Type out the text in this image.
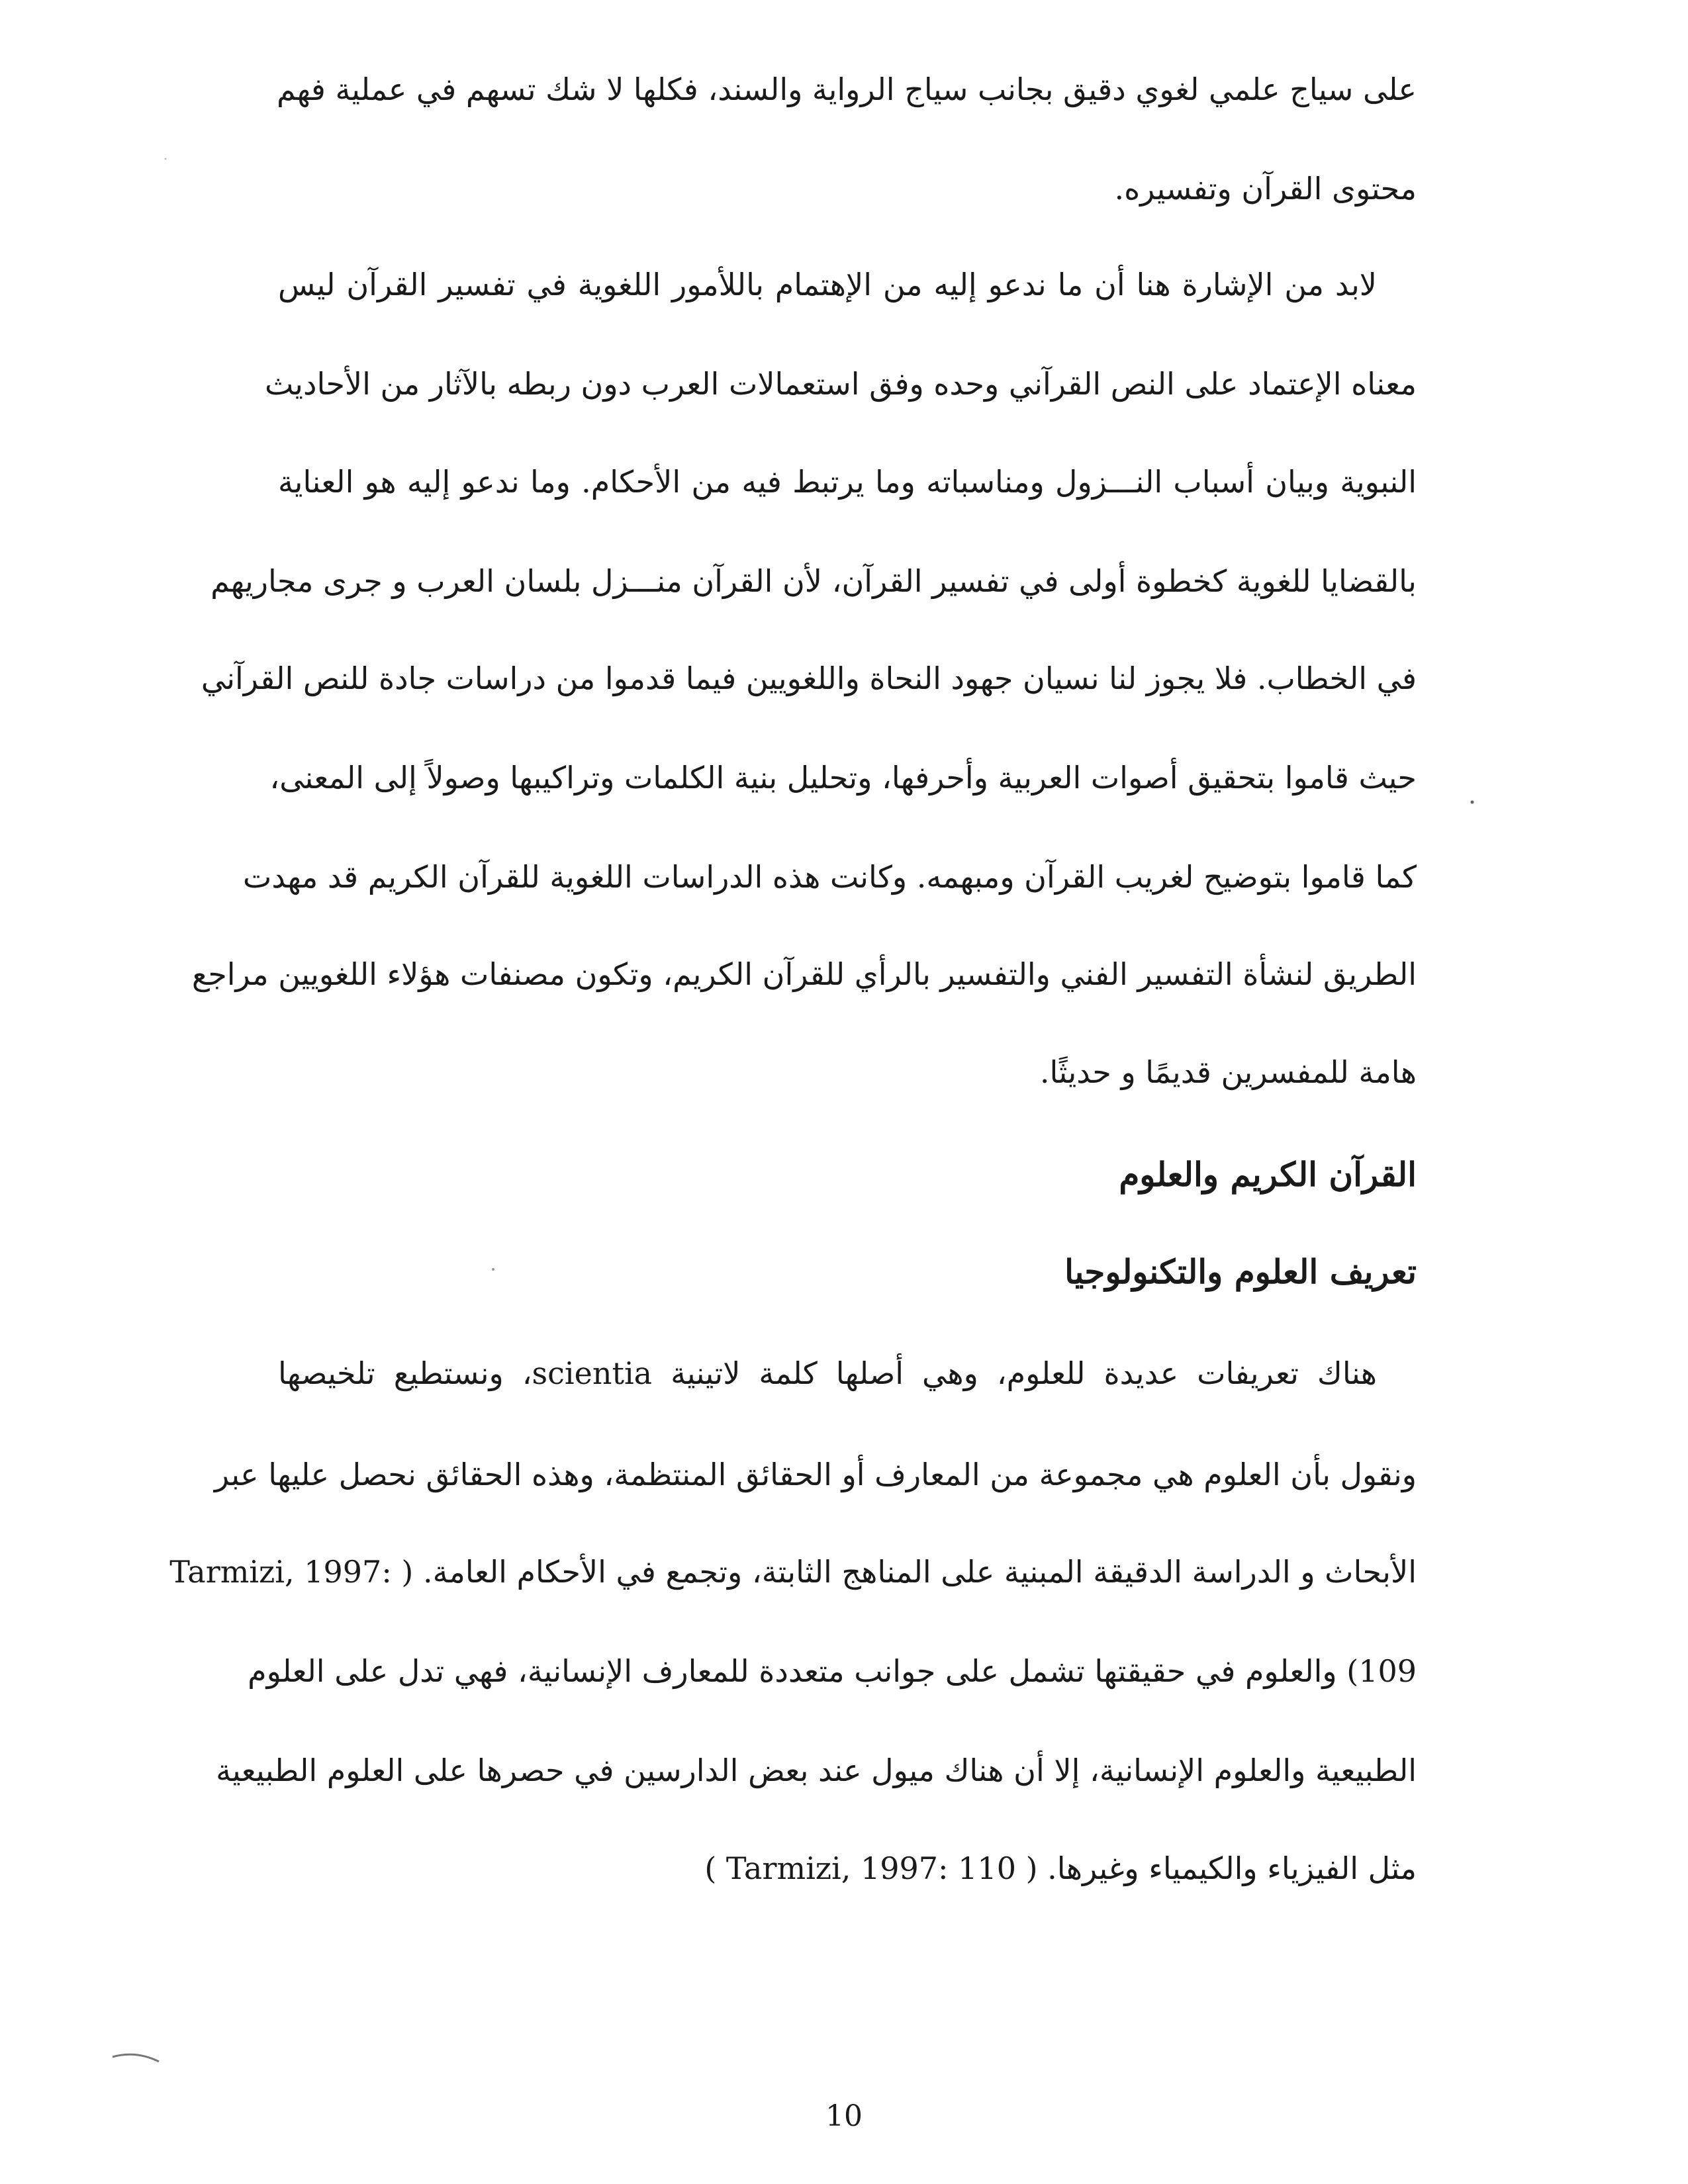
على سياج علمي لغوي دقيق بجانب سياج الرواية والسند، فكلها لا شك تسهم في عملية فهم
محتوى القرآن وتفسيره.
لابد من الإشارة هنا أن ما ندعو إليه من الإهتمام باللأمور اللغوية في تفسير القرآن ليس
معناه الإعتماد على النص القرآني وحده وفق استعمالات العرب دون ربطه بالآثار من الأحاديث
النبوية وبيان أسباب النـــزول ومناسباته وما يرتبط فيه من الأحكام. وما ندعو إليه هو العناية
بالقضايا للغوية كخطوة أولى في تفسير القرآن، لأن القرآن منـــزل بلسان العرب و جرى مجاريهم
في الخطاب. فلا يجوز لنا نسيان جهود النحاة واللغويين فيما قدموا من دراسات جادة للنص القرآني
حيث قاموا بتحقيق أصوات العربية وأحرفها، وتحليل بنية الكلمات وتراكيبها وصولاً إلى المعنى،
كما قاموا بتوضيح لغريب القرآن ومبهمه. وكانت هذه الدراسات اللغوية للقرآن الكريم قد مهدت
الطريق لنشأة التفسير الفني والتفسير بالرأي للقرآن الكريم، وتكون مصنفات هؤلاء اللغويين مراجع
هامة للمفسرين قديمًا و حديثًا.
القرآن الكريم والعلوم
تعريف العلوم والتكنولوجيا
هناك تعريفات عديدة للعلوم، وهي أصلها كلمة لاتينية scientia، ونستطيع تلخيصها
ونقول بأن العلوم هي مجموعة من المعارف أو الحقائق المنتظمة، وهذه الحقائق نحصل عليها عبر
الأبحاث و الدراسة الدقيقة المبنية على المناهج الثابتة، وتجمع في الأحكام العامة. ( :Tarmizi, 1997
109) والعلوم في حقيقتها تشمل على جوانب متعددة للمعارف الإنسانية، فهي تدل على العلوم
الطبيعية والعلوم الإنسانية، إلا أن هناك ميول عند بعض الدارسين في حصرها على العلوم الطبيعية
مثل الفيزياء والكيمياء وغيرها. ( Tarmizi, 1997: 110 )
10
